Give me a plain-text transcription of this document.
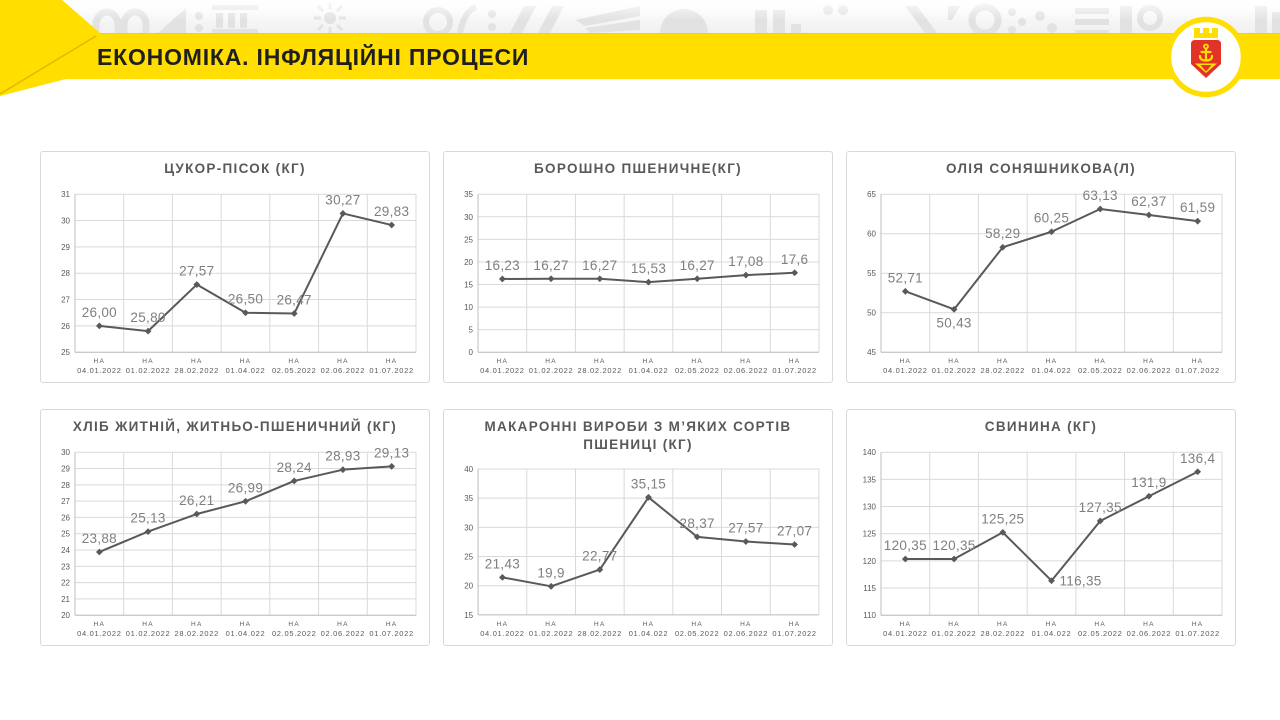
ЕКОНОМІКА. ІНФЛЯЦІЙНІ ПРОЦЕСИ
ЦУКОР-ПІСОК (КГ)
25
26
27
28
29
30
31
НА
04.01.2022
НА
01.02.2022
НА
28.02.2022
НА
01.04.022
НА
02.05.2022
НА
02.06.2022
НА
01.07.2022
26,00 25,80
27,57
26,50 26,47
30,27
29,83
БОРОШНО ПШЕНИЧНЕ(КГ)
0
5
10
15
20
25
30
35
НА
04.01.2022
НА
01.02.2022
НА
28.02.2022
НА
01.04.022
НА
02.05.2022
НА
02.06.2022
НА
01.07.2022
16,23 16,27 16,27 15,53 16,27 17,08 17,6
ОЛІЯ СОНЯШНИКОВА(Л)
45
50
55
60
65
НА
04.01.2022
НА
01.02.2022
НА
28.02.2022
НА
01.04.022
НА
02.05.2022
НА
02.06.2022
НА
01.07.2022
52,71
50,43
58,29
60,25
63,13 62,37 61,59
ХЛІБ ЖИТНІЙ, ЖИТНЬО-ПШЕНИЧНИЙ (КГ)
20
21
22
23
24
25
26
27
28
29
30
НА
04.01.2022
НА
01.02.2022
НА
28.02.2022
НА
01.04.022
НА
02.05.2022
НА
02.06.2022
НА
01.07.2022
23,88
25,13
26,21
26,99
28,24
28,93 29,13
МАКАРОННІ ВИРОБИ З М’ЯКИХ СОРТІВ ПШЕНИЦІ (КГ)
15
20
25
30
35
40
НА
04.01.2022
НА
01.02.2022
НА
28.02.2022
НА
01.04.022
НА
02.05.2022
НА
02.06.2022
НА
01.07.2022
21,43
19,9
22,77
35,15
28,37 27,57 27,07
СВИНИНА (КГ)
110
115
120
125
130
135
140
НА
04.01.2022
НА
01.02.2022
НА
28.02.2022
НА
01.04.022
НА
02.05.2022
НА
02.06.2022
НА
01.07.2022
120,35 120,35
125,25
116,35
127,35
131,9
136,4
